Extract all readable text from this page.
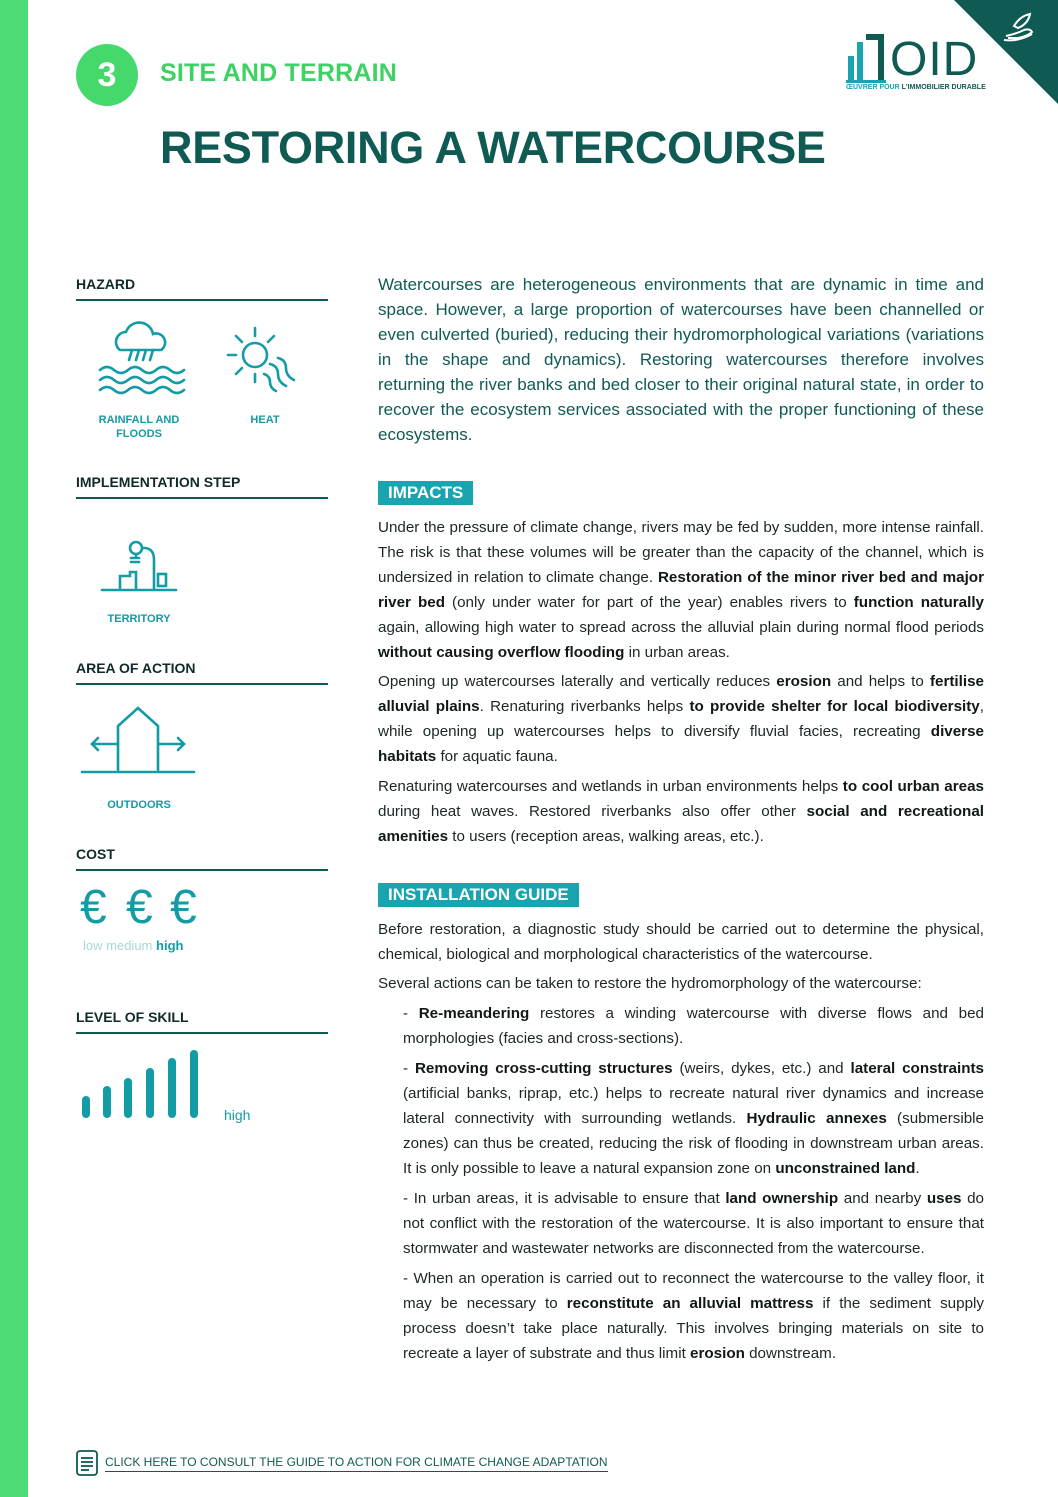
3	SITE AND TERRAIN
RESTORING A WATERCOURSE
OID
ŒUVRER POUR L'IMMOBILIER DURABLE
HAZARD
RAINFALL AND FLOODS
HEAT
IMPLEMENTATION STEP
TERRITORY
AREA OF ACTION
OUTDOORS
COST
€ € €
low medium high
LEVEL OF SKILL
high

Watercourses are heterogeneous environments that are dynamic in time and space. However, a large proportion of watercourses have been channelled or even culverted (buried), reducing their hydromorphological variations (variations in the shape and dynamics). Restoring watercourses therefore involves returning the river banks and bed closer to their original natural state, in order to recover the ecosystem services associated with the proper functioning of these ecosystems.

IMPACTS

Under the pressure of climate change, rivers may be fed by sudden, more intense rainfall. The risk is that these volumes will be greater than the capacity of the channel, which is undersized in relation to climate change. Restoration of the minor river bed and major river bed (only under water for part of the year) enables rivers to function naturally again, allowing high water to spread across the alluvial plain during normal flood periods without causing overflow flooding in urban areas.

Opening up watercourses laterally and vertically reduces erosion and helps to fertilise alluvial plains. Renaturing riverbanks helps to provide shelter for local biodiversity, while opening up watercourses helps to diversify fluvial facies, recreating diverse habitats for aquatic fauna.

Renaturing watercourses and wetlands in urban environments helps to cool urban areas during heat waves. Restored riverbanks also offer other social and recreational amenities to users (reception areas, walking areas, etc.).

INSTALLATION GUIDE

Before restoration, a diagnostic study should be carried out to determine the physical, chemical, biological and morphological characteristics of the watercourse.

Several actions can be taken to restore the hydromorphology of the watercourse:

- Re-meandering restores a winding watercourse with diverse flows and bed morphologies (facies and cross-sections).

- Removing cross-cutting structures (weirs, dykes, etc.) and lateral constraints (artificial banks, riprap, etc.) helps to recreate natural river dynamics and increase lateral connectivity with surrounding wetlands. Hydraulic annexes (submersible zones) can thus be created, reducing the risk of flooding in downstream urban areas. It is only possible to leave a natural expansion zone on unconstrained land.

- In urban areas, it is advisable to ensure that land ownership and nearby uses do not conflict with the restoration of the watercourse. It is also important to ensure that stormwater and wastewater networks are disconnected from the watercourse.

- When an operation is carried out to reconnect the watercourse to the valley floor, it may be necessary to reconstitute an alluvial mattress if the sediment supply process doesn’t take place naturally. This involves bringing materials on site to recreate a layer of substrate and thus limit erosion downstream.

CLICK HERE TO CONSULT THE GUIDE TO ACTION FOR CLIMATE CHANGE ADAPTATION
